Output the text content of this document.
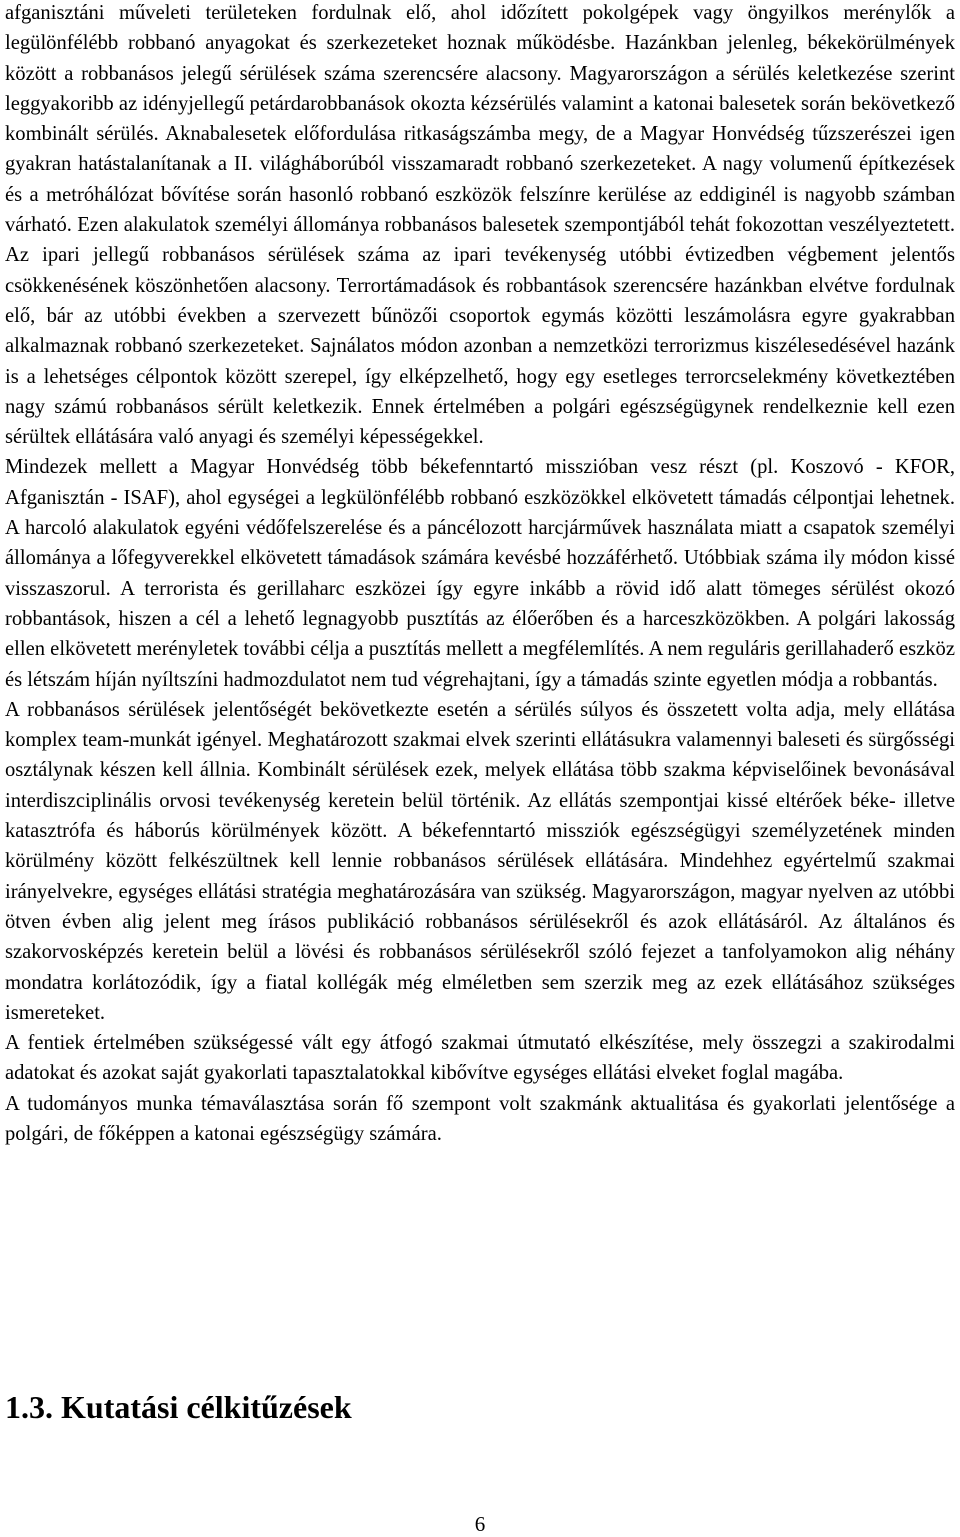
afganisztáni műveleti területeken fordulnak elő, ahol időzített pokolgépek vagy öngyilkos merénylők a legülönfélébb robbanó anyagokat és szerkezeteket hoznak működésbe. Hazánkban jelenleg, békekörülmények között a robbanásos jelegű sérülések száma szerencsére alacsony. Magyarországon a sérülés keletkezése szerint leggyakoribb az idényjellegű petárdarobbanások okozta kézsérülés valamint a katonai balesetek során bekövetkező kombinált sérülés. Aknabalesetek előfordulása ritkaságszámba megy, de a Magyar Honvédség tűzszerészei igen gyakran hatástalanítanak a II. világháborúból visszamaradt robbanó szerkezeteket. A nagy volumenű építkezések és a metróhálózat bővítése során hasonló robbanó eszközök felszínre kerülése az eddiginél is nagyobb számban várható. Ezen alakulatok személyi állománya robbanásos balesetek szempontjából tehát fokozottan veszélyeztetett. Az ipari jellegű robbanásos sérülések száma az ipari tevékenység utóbbi évtizedben végbement jelentős csökkenésének köszönhetően alacsony. Terrortámadások és robbantások szerencsére hazánkban elvétve fordulnak elő, bár az utóbbi években a szervezett bűnözői csoportok egymás közötti leszámolásra egyre gyakrabban alkalmaznak robbanó szerkezeteket. Sajnálatos módon azonban a nemzetközi terrorizmus kiszélesedésével hazánk is a lehetséges célpontok között szerepel, így elképzelhető, hogy egy esetleges terrorcselekmény következtében nagy számú robbanásos sérült keletkezik. Ennek értelmében a polgári egészségügynek rendelkeznie kell ezen sérültek ellátására való anyagi és személyi képességekkel.

Mindezek mellett a Magyar Honvédség több békefenntartó misszióban vesz részt (pl. Koszovó - KFOR, Afganisztán - ISAF), ahol egységei a legkülönfélébb robbanó eszközökkel elkövetett támadás célpontjai lehetnek. A harcoló alakulatok egyéni védőfelszerelése és a páncélozott harcjárművek használata miatt a csapatok személyi állománya a lőfegyverekkel elkövetett támadások számára kevésbé hozzáférhető. Utóbbiak száma ily módon kissé visszaszorul. A terrorista és gerillaharc eszközei így egyre inkább a rövid idő alatt tömeges sérülést okozó robbantások, hiszen a cél a lehető legnagyobb pusztítás az élőerőben és a harceszközökben. A polgári lakosság ellen elkövetett merényletek további célja a pusztítás mellett a megfélemlítés. A nem reguláris gerillahaderő eszköz és létszám híján nyíltszíni hadmozdulatot nem tud végrehajtani, így a támadás szinte egyetlen módja a robbantás.

A robbanásos sérülések jelentőségét bekövetkezte esetén a sérülés súlyos és összetett volta adja, mely ellátása komplex team-munkát igényel. Meghatározott szakmai elvek szerinti ellátásukra valamennyi baleseti és sürgősségi osztálynak készen kell állnia. Kombinált sérülések ezek, melyek ellátása több szakma képviselőinek bevonásával interdiszciplinális orvosi tevékenység keretein belül történik. Az ellátás szempontjai kissé eltérőek béke- illetve katasztrófa és háborús körülmények között. A békefenntartó missziók egészségügyi személyzetének minden körülmény között felkészültnek kell lennie robbanásos sérülések ellátására. Mindehhez egyértelmű szakmai irányelvekre, egységes ellátási stratégia meghatározására van szükség. Magyarországon, magyar nyelven az utóbbi ötven évben alig jelent meg írásos publikáció robbanásos sérülésekről és azok ellátásáról. Az általános és szakorvosképzés keretein belül a lövési és robbanásos sérülésekről szóló fejezet a tanfolyamokon alig néhány mondatra korlátozódik, így a fiatal kollégák még elméletben sem szerzik meg az ezek ellátásához szükséges ismereteket.

A fentiek értelmében szükségessé vált egy átfogó szakmai útmutató elkészítése, mely összegzi a szakirodalmi adatokat és azokat saját gyakorlati tapasztalatokkal kibővítve egységes ellátási elveket foglal magába.

A tudományos munka témaválasztása során fő szempont volt szakmánk aktualitása és gyakorlati jelentősége a polgári, de főképpen a katonai egészségügy számára.

1.3. Kutatási célkitűzések
6
